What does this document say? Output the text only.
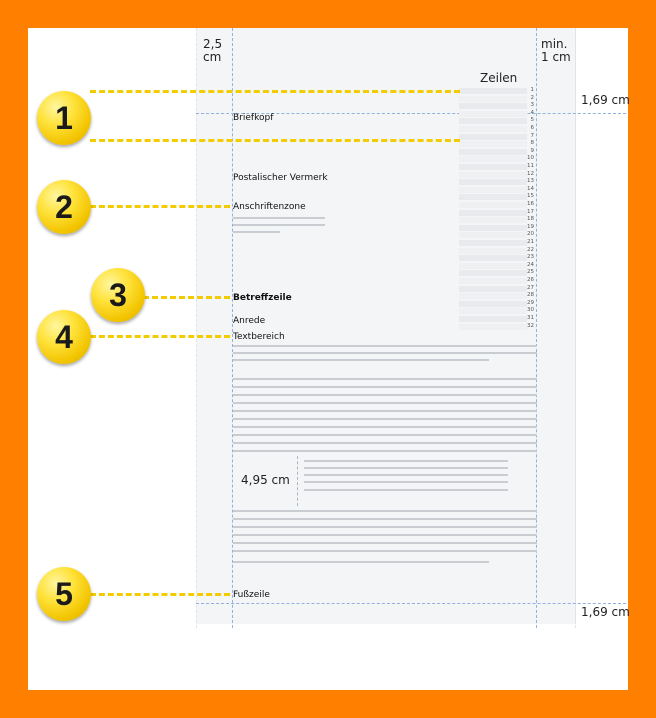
2,5
cm
min.
1 cm
Zeilen
1,69 cm
1,69 cm
1
2
3
4
5
6
7
8
9
10
11
12
13
14
15
16
17
18
19
20
21
22
23
24
25
26
27
28
29
30
31
32
Briefkopf
Postalischer Vermerk
Anschriftenzone
Betreffzeile
Anrede
Textbereich
Fußzeile
4,95 cm
1
2
3
4
5
